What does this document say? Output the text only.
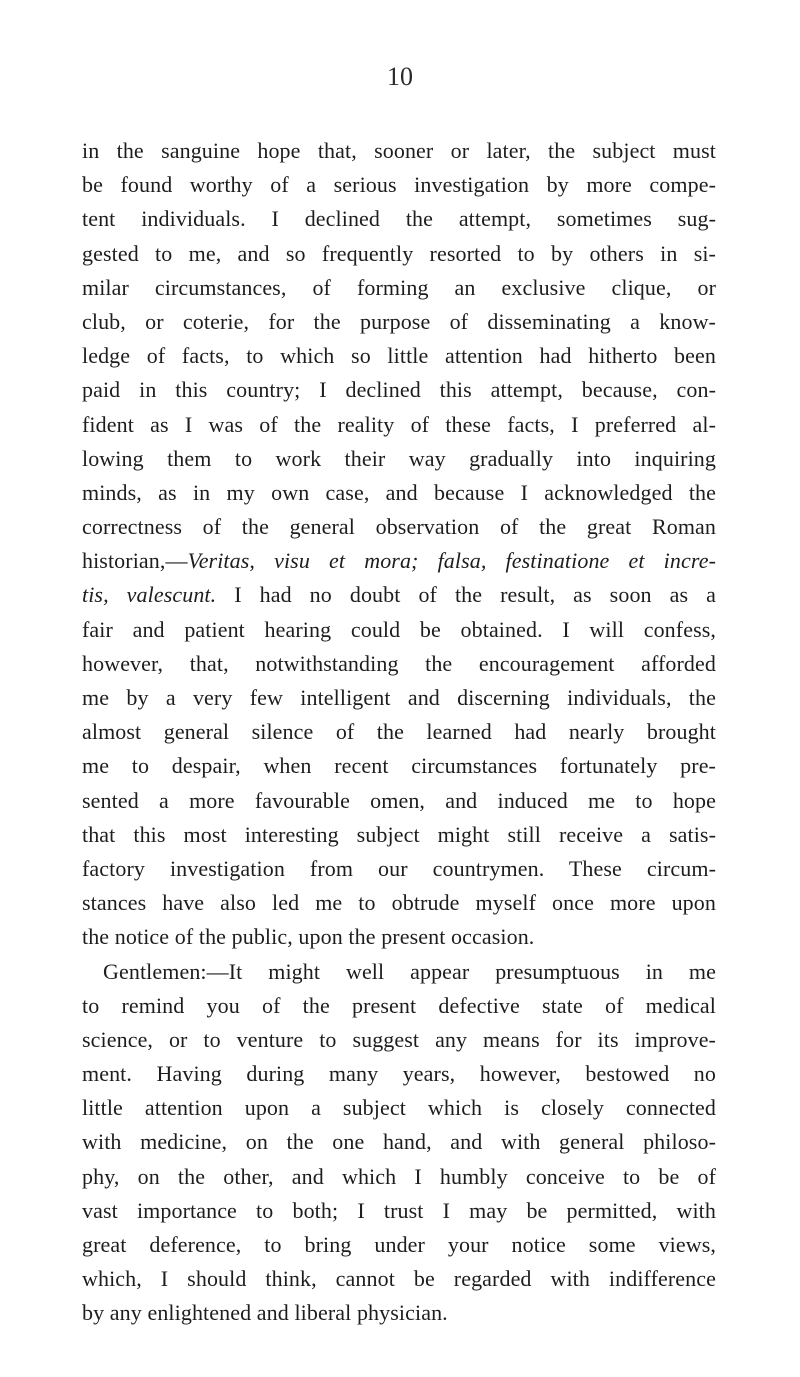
10
in the sanguine hope that, sooner or later, the subject must
be found worthy of a serious investigation by more compe-
tent individuals. I declined the attempt, sometimes sug-
gested to me, and so frequently resorted to by others in si-
milar circumstances, of forming an exclusive clique, or
club, or coterie, for the purpose of disseminating a know-
ledge of facts, to which so little attention had hitherto been
paid in this country; I declined this attempt, because, con-
fident as I was of the reality of these facts, I preferred al-
lowing them to work their way gradually into inquiring
minds, as in my own case, and because I acknowledged the
correctness of the general observation of the great Roman
historian,—Veritas, visu et mora; falsa, festinatione et incre-
tis, valescunt. I had no doubt of the result, as soon as a
fair and patient hearing could be obtained. I will confess,
however, that, notwithstanding the encouragement afforded
me by a very few intelligent and discerning individuals, the
almost general silence of the learned had nearly brought
me to despair, when recent circumstances fortunately pre-
sented a more favourable omen, and induced me to hope
that this most interesting subject might still receive a satis-
factory investigation from our countrymen. These circum-
stances have also led me to obtrude myself once more upon
the notice of the public, upon the present occasion.
Gentlemen:—It might well appear presumptuous in me
to remind you of the present defective state of medical
science, or to venture to suggest any means for its improve-
ment. Having during many years, however, bestowed no
little attention upon a subject which is closely connected
with medicine, on the one hand, and with general philoso-
phy, on the other, and which I humbly conceive to be of
vast importance to both; I trust I may be permitted, with
great deference, to bring under your notice some views,
which, I should think, cannot be regarded with indifference
by any enlightened and liberal physician.
